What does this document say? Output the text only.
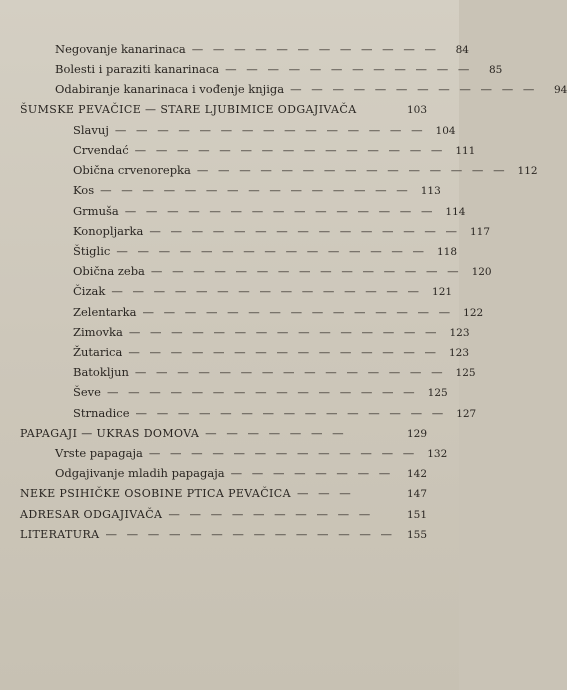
Negovanje kanarinaca — — — — — — — — — — — —	84
Bolesti i paraziti kanarinaca — — — — — — — — — — — —	85
Odabiranje kanarinaca i vođenje knjiga — — — — — — — — — — — —	94
ŠUMSKE PEVAČICE — STARE LJUBIMICE ODGAJIVAČA	103
Slavuj — — — — — — — — — — — — — — — 104
Crvendać — — — — — — — — — — — — — — — 111
Obična crvenorepka — — — — — — — — — — — — — — — 112
Kos — — — — — — — — — — — — — — — 113
Grmuša — — — — — — — — — — — — — — — 114
Konopljarka — — — — — — — — — — — — — — — 117
Štiglic — — — — — — — — — — — — — — — 118
Obična zeba — — — — — — — — — — — — — — — 120
Čizak — — — — — — — — — — — — — — — 121
Zelentarka — — — — — — — — — — — — — — — 122
Zimovka — — — — — — — — — — — — — — — 123
Žutarica — — — — — — — — — — — — — — — 123
Batokljun — — — — — — — — — — — — — — — 125
Ševe — — — — — — — — — — — — — — — 125
Strnadice — — — — — — — — — — — — — — — 127
PAPAGAJI — UKRAS DOMOVA — — — — — — —	129
Vrste papagaja — — — — — — — — — — — — — 132
Odgajivanje mladih papagaja — — — — — — — —	142
NEKE PSIHIČKE OSOBINE PTICA PEVAČICA — — —	147
ADRESAR ODGAJIVAČA — — — — — — — — — —	151
LITERATURA — — — — — — — — — — — — — —	155
